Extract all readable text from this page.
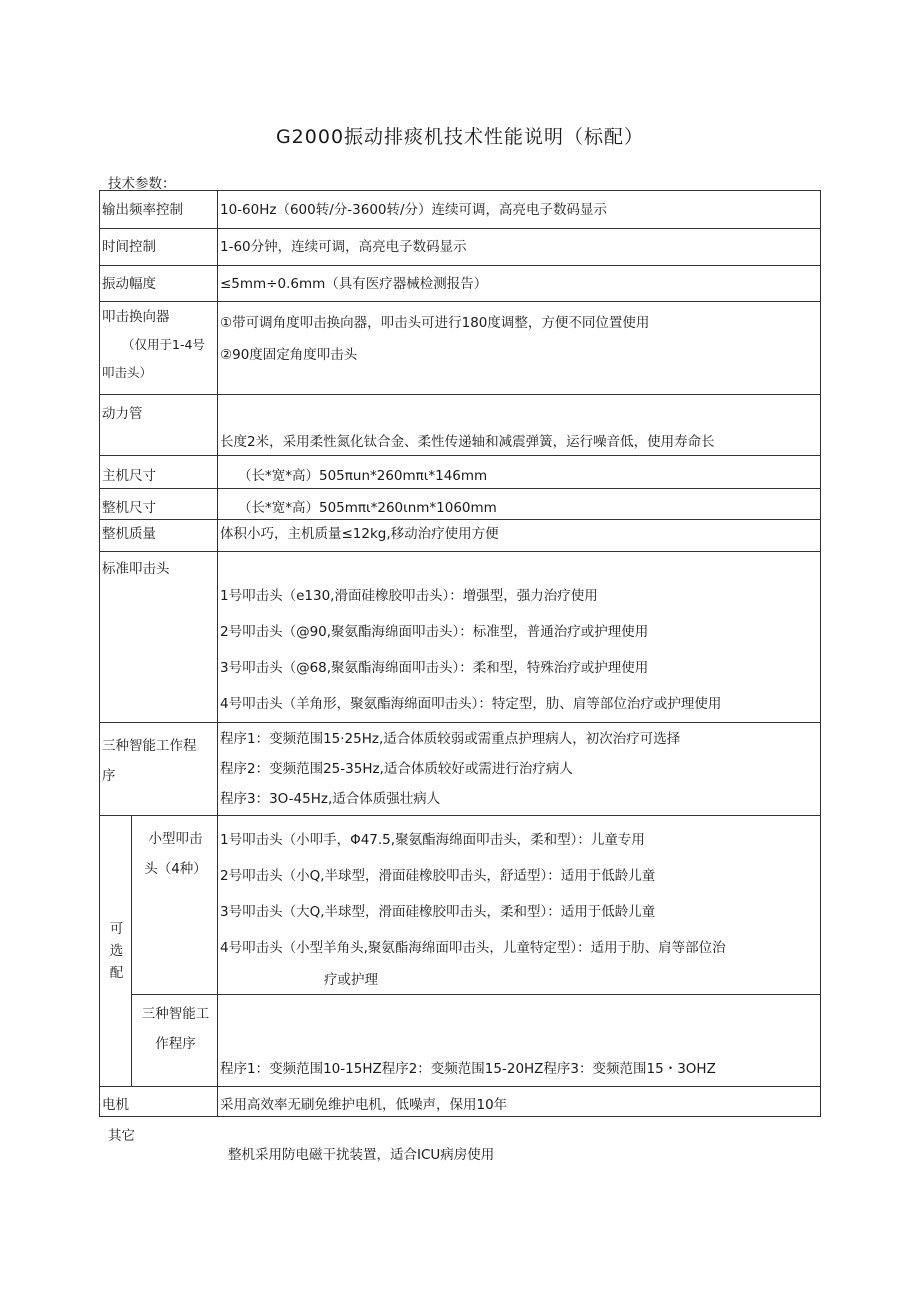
G2000振动排痰机技术性能说明（标配）
技术参数：
输出频率控制		10-60Hz（600转/分-3600转/分）连续可调，高亮电子数码显示

时间控制		1-60分钟，连续可调，高亮电子数码显示

振动幅度		≤5mm÷0.6mm（具有医疗器械检测报告）

叩击换向器
（仅用于1-4号
叩击头）		①带可调角度叩击换向器，叩击头可进行180度调整，方便不同位置使用
②90度固定角度叩击头

动力管		长度2米，采用柔性氮化钛合金、柔性传递轴和减震弹簧，运行噪音低，使用寿命长

主机尺寸		（长*宽*高）505πun*260mπι*146mm

整机尺寸		（长*宽*高）505mπι*260ιnm*1060mm

整机质量		体积小巧，主机质量≤12kg,移动治疗使用方便

标准叩击头		1号叩击头（e130,滑面硅橡胶叩击头）：增强型，强力治疗使用
2号叩击头（@90,聚氨酯海绵面叩击头）：标准型，普通治疗或护理使用
3号叩击头（@68,聚氨酯海绵面叩击头）：柔和型，特殊治疗或护理使用
4号叩击头（羊角形，聚氨酯海绵面叩击头）：特定型，肋、肩等部位治疗或护理使用

三种智能工作程
序		程序1：变频范围15·25Hz,适合体质较弱或需重点护理病人，初次治疗可选择
程序2：变频范围25-35Hz,适合体质较好或需进行治疗病人
程序3：3O-45Hz,适合体质强壮病人

可
选
配	小型叩击
头（4种）	1号叩击头（小叩手，Φ47.5,聚氨酯海绵面叩击头，柔和型）：儿童专用
2号叩击头（小Q,半球型，滑面硅橡胶叩击头，舒适型）：适用于低龄儿童
3号叩击头（大Q,半球型，滑面硅橡胶叩击头，柔和型）：适用于低龄儿童
4号叩击头（小型羊角头,聚氨酯海绵面叩击头，儿童特定型）：适用于肋、肩等部位治
疗或护理

	三种智能工
作程序	程序1：变频范围10-15HZ程序2：变频范围15-20HZ程序3：变频范围15・3OHZ

电机		采用高效率无刷免维护电机，低噪声，保用10年
其它
整机采用防电磁干扰装置，适合ICU病房使用
